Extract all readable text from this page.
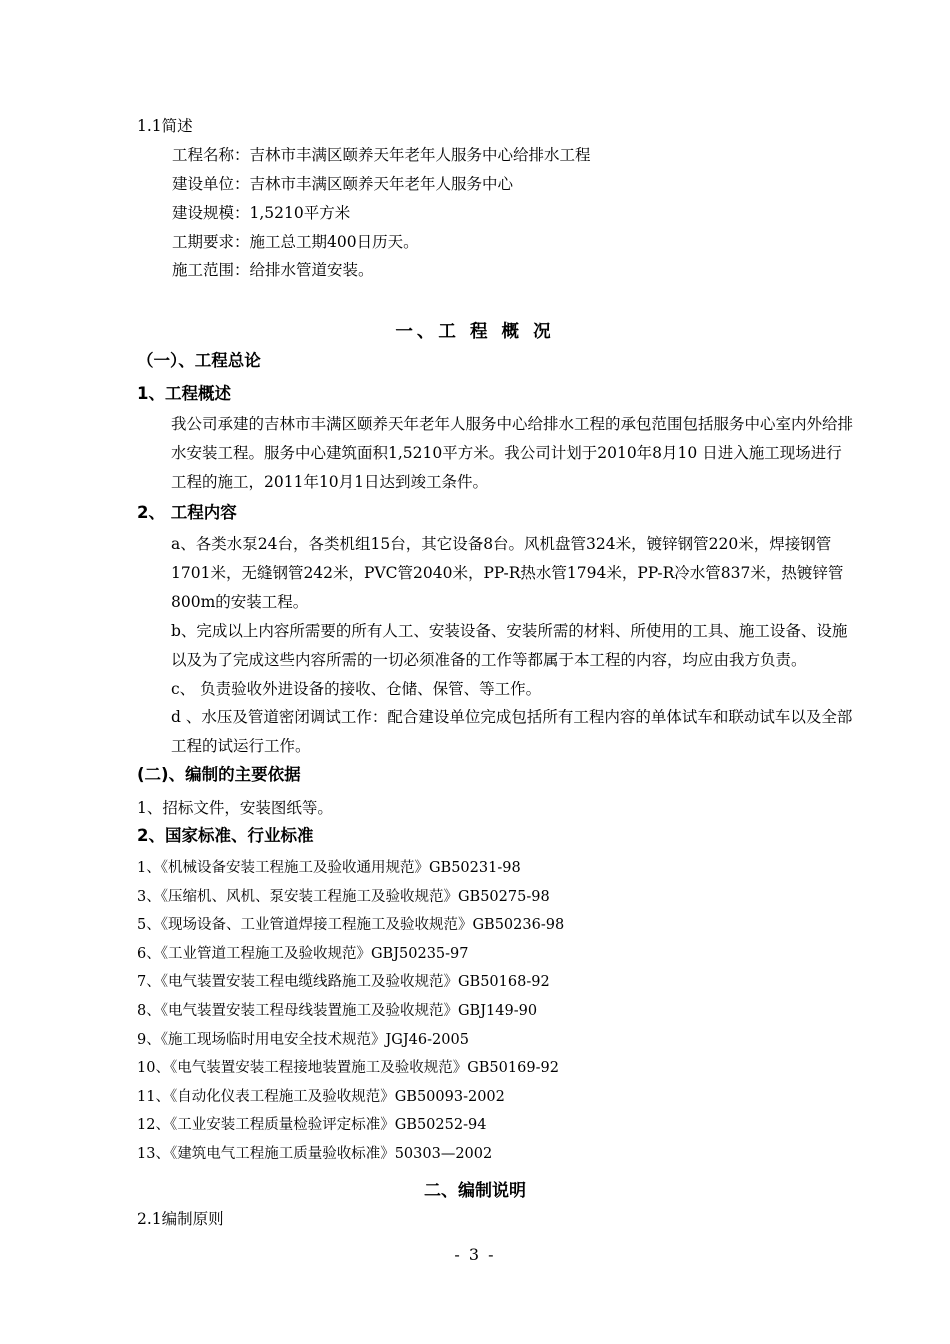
1.1简述
工程名称：吉林市丰满区颐养天年老年人服务中心给排水工程
建设单位：吉林市丰满区颐养天年老年人服务中心
建设规模：1,5210平方米
工期要求：施工总工期400日历天。
施工范围：给排水管道安装。
一、工 程 概 况
（一）、工程总论
1、工程概述
我公司承建的吉林市丰满区颐养天年老年人服务中心给排水工程的承包范围包括服务中心室内外给排水安装工程。服务中心建筑面积1,5210平方米。我公司计划于2010年8月10 日进入施工现场进行工程的施工，2011年10月1日达到竣工条件。
2、 工程内容
a、各类水泵24台，各类机组15台，其它设备8台。风机盘管324米，镀锌钢管220米，焊接钢管1701米，无缝钢管242米，PVC管2040米，PP-R热水管1794米，PP-R冷水管837米，热镀锌管800m的安装工程。
b、完成以上内容所需要的所有人工、安装设备、安装所需的材料、所使用的工具、施工设备、设施以及为了完成这些内容所需的一切必须准备的工作等都属于本工程的内容，均应由我方负责。
c、 负责验收外进设备的接收、仓储、保管、等工作。
d 、水压及管道密闭调试工作：配合建设单位完成包括所有工程内容的单体试车和联动试车以及全部工程的试运行工作。
(二)、编制的主要依据
1、招标文件，安装图纸等。
2、国家标准、行业标准
1、《机械设备安装工程施工及验收通用规范》GB50231-98
3、《压缩机、风机、泵安装工程施工及验收规范》GB50275-98
5、《现场设备、工业管道焊接工程施工及验收规范》GB50236-98
6、《工业管道工程施工及验收规范》GBJ50235-97
7、《电气装置安装工程电缆线路施工及验收规范》GB50168-92
8、《电气装置安装工程母线装置施工及验收规范》GBJ149-90
9、《施工现场临时用电安全技术规范》JGJ46-2005
10、《电气装置安装工程接地装置施工及验收规范》GB50169-92
11、《自动化仪表工程施工及验收规范》GB50093-2002
12、《工业安装工程质量检验评定标准》GB50252-94
13、《建筑电气工程施工质量验收标准》50303—2002
二、编制说明
2.1编制原则
- 3 -
